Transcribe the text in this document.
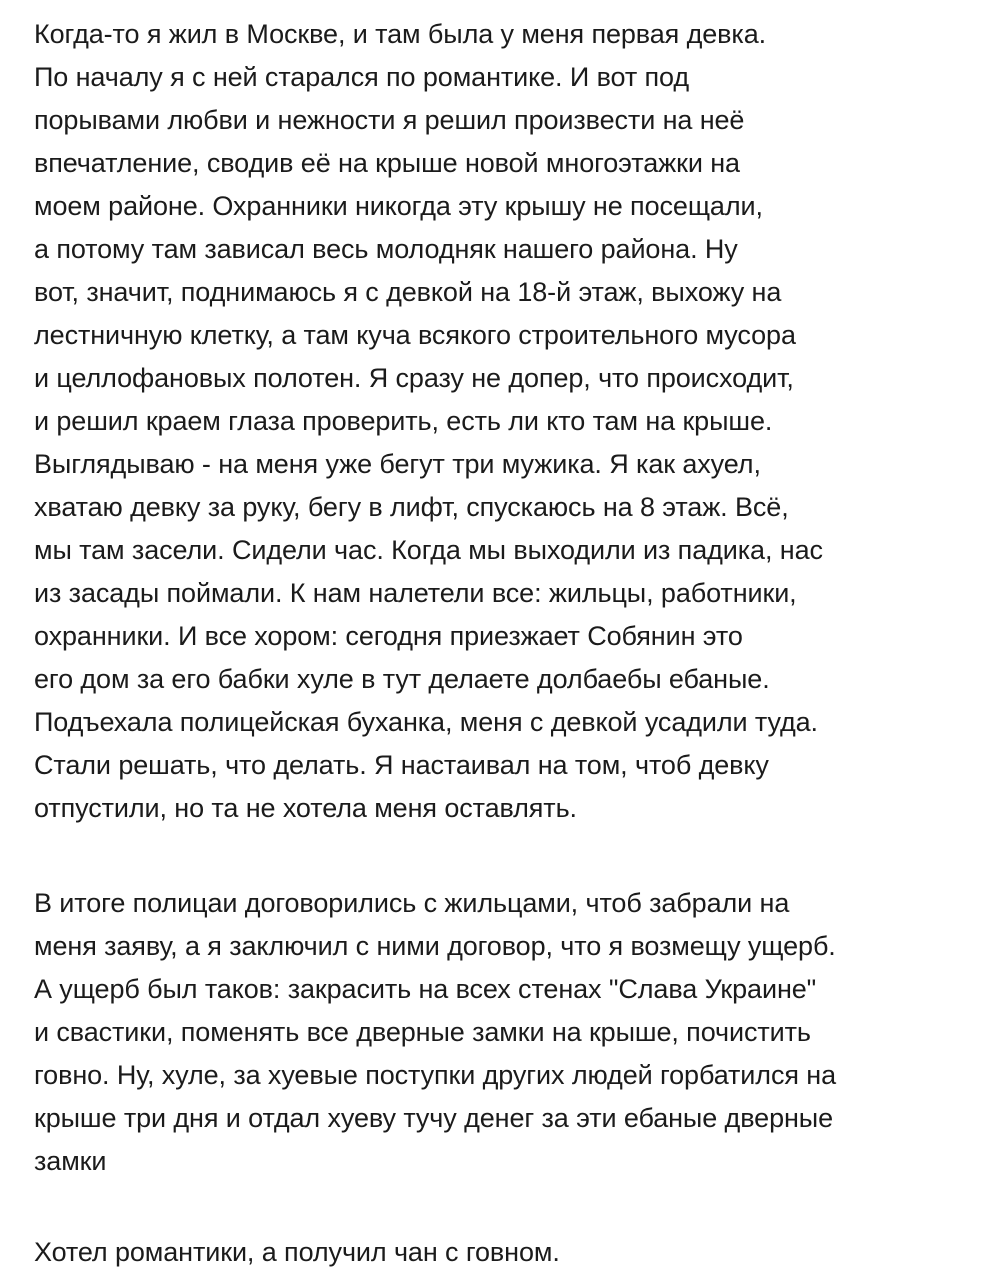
Когда-то я жил в Москве, и там была у меня первая девка.
По началу я с ней старался по романтике. И вот под
порывами любви и нежности я решил произвести на неё
впечатление, сводив её на крыше новой многоэтажки на
моем районе. Охранники никогда эту крышу не посещали,
а потому там зависал весь молодняк нашего района. Ну
вот, значит, поднимаюсь я с девкой на 18-й этаж, выхожу на
лестничную клетку, а там куча всякого строительного мусора
и целлофановых полотен. Я сразу не допер, что происходит,
и решил краем глаза проверить, есть ли кто там на крыше.
Выглядываю - на меня уже бегут три мужика. Я как ахуел,
хватаю девку за руку, бегу в лифт, спускаюсь на 8 этаж. Всё,
мы там засели. Сидели час. Когда мы выходили из падика, нас
из засады поймали. К нам налетели все: жильцы, работники,
охранники. И все хором: сегодня приезжает Собянин это
его дом за его бабки хуле в тут делаете долбаебы ебаные.
Подъехала полицейская буханка, меня с девкой усадили туда.
Стали решать, что делать. Я настаивал на том, чтоб девку
отпустили, но та не хотела меня оставлять.
В итоге полицаи договорились с жильцами, чтоб забрали на
меня заяву, а я заключил с ними договор, что я возмещу ущерб.
А ущерб был таков: закрасить на всех стенах "Слава Украине"
и свастики, поменять все дверные замки на крыше, почистить
говно. Ну, хуле, за хуевые поступки других людей горбатился на
крыше три дня и отдал хуеву тучу денег за эти ебаные дверные
замки
Хотел романтики, а получил чан с говном.
